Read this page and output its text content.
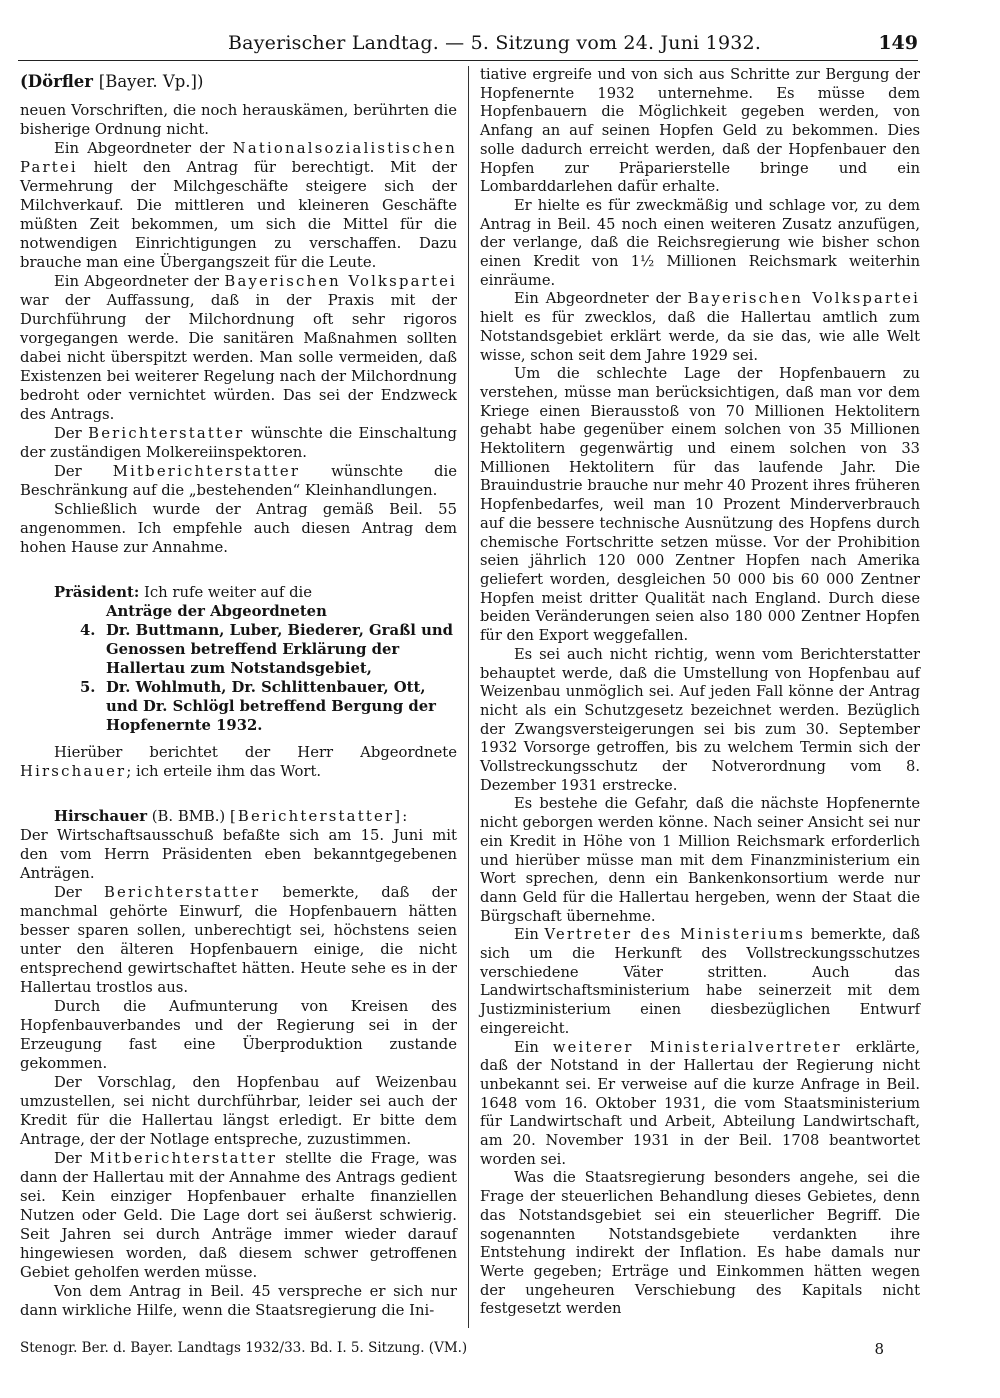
Bayerischer Landtag. — 5. Sitzung vom 24. Juni 1932.	149

(Dörfler [Bayer. Vp.])

neuen Vorschriften, die noch herauskämen, berührten die bisherige Ordnung nicht.

Ein Abgeordneter der Nationalsozialistischen Partei hielt den Antrag für berechtigt. Mit der Vermehrung der Milchgeschäfte steigere sich der Milchverkauf. Die mittleren und kleineren Geschäfte müßten Zeit bekommen, um sich die Mittel für die notwendigen Einrichtigungen zu verschaffen. Dazu brauche man eine Übergangszeit für die Leute.

Ein Abgeordneter der Bayerischen Volkspartei war der Auffassung, daß in der Praxis mit der Durchführung der Milchordnung oft sehr rigoros vorgegangen werde. Die sanitären Maßnahmen sollten dabei nicht überspitzt werden. Man solle vermeiden, daß Existenzen bei weiterer Regelung nach der Milchordnung bedroht oder vernichtet würden. Das sei der Endzweck des Antrags.

Der Berichterstatter wünschte die Einschaltung der zuständigen Molkereiinspektoren.

Der Mitberichterstatter wünschte die Beschränkung auf die „bestehenden“ Kleinhandlungen.

Schließlich wurde der Antrag gemäß Beil. 55 angenommen. Ich empfehle auch diesen Antrag dem hohen Hause zur Annahme.

Präsident: Ich rufe weiter auf die

Anträge der Abgeordneten

4. Dr. Buttmann, Luber, Biederer, Graßl und Genossen betreffend Erklärung der Hallertau zum Notstandsgebiet,

5. Dr. Wohlmuth, Dr. Schlittenbauer, Ott, und Dr. Schlögl betreffend Bergung der Hopfenernte 1932.

Hierüber berichtet der Herr Abgeordnete Hirschauer; ich erteile ihm das Wort.

Hirschauer (B. BMB.) [Berichterstatter]:

Der Wirtschaftsausschuß befaßte sich am 15. Juni mit den vom Herrn Präsidenten eben bekanntgegebenen Anträgen.

Der Berichterstatter bemerkte, daß der manchmal gehörte Einwurf, die Hopfenbauern hätten besser sparen sollen, unberechtigt sei, höchstens seien unter den älteren Hopfenbauern einige, die nicht entsprechend gewirtschaftet hätten. Heute sehe es in der Hallertau trostlos aus.

Durch die Aufmunterung von Kreisen des Hopfenbauverbandes und der Regierung sei in der Erzeugung fast eine Überproduktion zustande gekommen.

Der Vorschlag, den Hopfenbau auf Weizenbau umzustellen, sei nicht durchführbar, leider sei auch der Kredit für die Hallertau längst erledigt. Er bitte dem Antrage, der der Notlage entspreche, zuzustimmen.

Der Mitberichterstatter stellte die Frage, was dann der Hallertau mit der Annahme des Antrags gedient sei. Kein einziger Hopfenbauer erhalte finanziellen Nutzen oder Geld. Die Lage dort sei äußerst schwierig. Seit Jahren sei durch Anträge immer wieder darauf hingewiesen worden, daß diesem schwer getroffenen Gebiet geholfen werden müsse.

Von dem Antrag in Beil. 45 verspreche er sich nur dann wirkliche Hilfe, wenn die Staatsregierung die Ini-

tiative ergreife und von sich aus Schritte zur Bergung der Hopfenernte 1932 unternehme. Es müsse dem Hopfenbauern die Möglichkeit gegeben werden, von Anfang an auf seinen Hopfen Geld zu bekommen. Dies solle dadurch erreicht werden, daß der Hopfenbauer den Hopfen zur Präparierstelle bringe und ein Lombarddarlehen dafür erhalte.

Er hielte es für zweckmäßig und schlage vor, zu dem Antrag in Beil. 45 noch einen weiteren Zusatz anzufügen, der verlange, daß die Reichsregierung wie bisher schon einen Kredit von 1½ Millionen Reichsmark weiterhin einräume.

Ein Abgeordneter der Bayerischen Volkspartei hielt es für zwecklos, daß die Hallertau amtlich zum Notstandsgebiet erklärt werde, da sie das, wie alle Welt wisse, schon seit dem Jahre 1929 sei.

Um die schlechte Lage der Hopfenbauern zu verstehen, müsse man berücksichtigen, daß man vor dem Kriege einen Bierausstoß von 70 Millionen Hektolitern gehabt habe gegenüber einem solchen von 35 Millionen Hektolitern gegenwärtig und einem solchen von 33 Millionen Hektolitern für das laufende Jahr. Die Brauindustrie brauche nur mehr 40 Prozent ihres früheren Hopfenbedarfes, weil man 10 Prozent Minderverbrauch auf die bessere technische Ausnützung des Hopfens durch chemische Fortschritte setzen müsse. Vor der Prohibition seien jährlich 120 000 Zentner Hopfen nach Amerika geliefert worden, desgleichen 50 000 bis 60 000 Zentner Hopfen meist dritter Qualität nach England. Durch diese beiden Veränderungen seien also 180 000 Zentner Hopfen für den Export weggefallen.

Es sei auch nicht richtig, wenn vom Berichterstatter behauptet werde, daß die Umstellung von Hopfenbau auf Weizenbau unmöglich sei. Auf jeden Fall könne der Antrag nicht als ein Schutzgesetz bezeichnet werden. Bezüglich der Zwangsversteigerungen sei bis zum 30. September 1932 Vorsorge getroffen, bis zu welchem Termin sich der Vollstreckungsschutz der Notverordnung vom 8. Dezember 1931 erstrecke.

Es bestehe die Gefahr, daß die nächste Hopfenernte nicht geborgen werden könne. Nach seiner Ansicht sei nur ein Kredit in Höhe von 1 Million Reichsmark erforderlich und hierüber müsse man mit dem Finanzministerium ein Wort sprechen, denn ein Bankenkonsortium werde nur dann Geld für die Hallertau hergeben, wenn der Staat die Bürgschaft übernehme.

Ein Vertreter des Ministeriums bemerkte, daß sich um die Herkunft des Vollstreckungsschutzes verschiedene Väter stritten. Auch das Landwirtschaftsministerium habe seinerzeit mit dem Justizministerium einen diesbezüglichen Entwurf eingereicht.

Ein weiterer Ministerialvertreter erklärte, daß der Notstand in der Hallertau der Regierung nicht unbekannt sei. Er verweise auf die kurze Anfrage in Beil. 1648 vom 16. Oktober 1931, die vom Staatsministerium für Landwirtschaft und Arbeit, Abteilung Landwirtschaft, am 20. November 1931 in der Beil. 1708 beantwortet worden sei.

Was die Staatsregierung besonders angehe, sei die Frage der steuerlichen Behandlung dieses Gebietes, denn das Notstandsgebiet sei ein steuerlicher Begriff. Die sogenannten Notstandsgebiete verdankten ihre Entstehung indirekt der Inflation. Es habe damals nur Werte gegeben; Erträge und Einkommen hätten wegen der ungeheuren Verschiebung des Kapitals nicht festgesetzt werden

Stenogr. Ber. d. Bayer. Landtags 1932/33. Bd. I. 5. Sitzung. (VM.)	8
